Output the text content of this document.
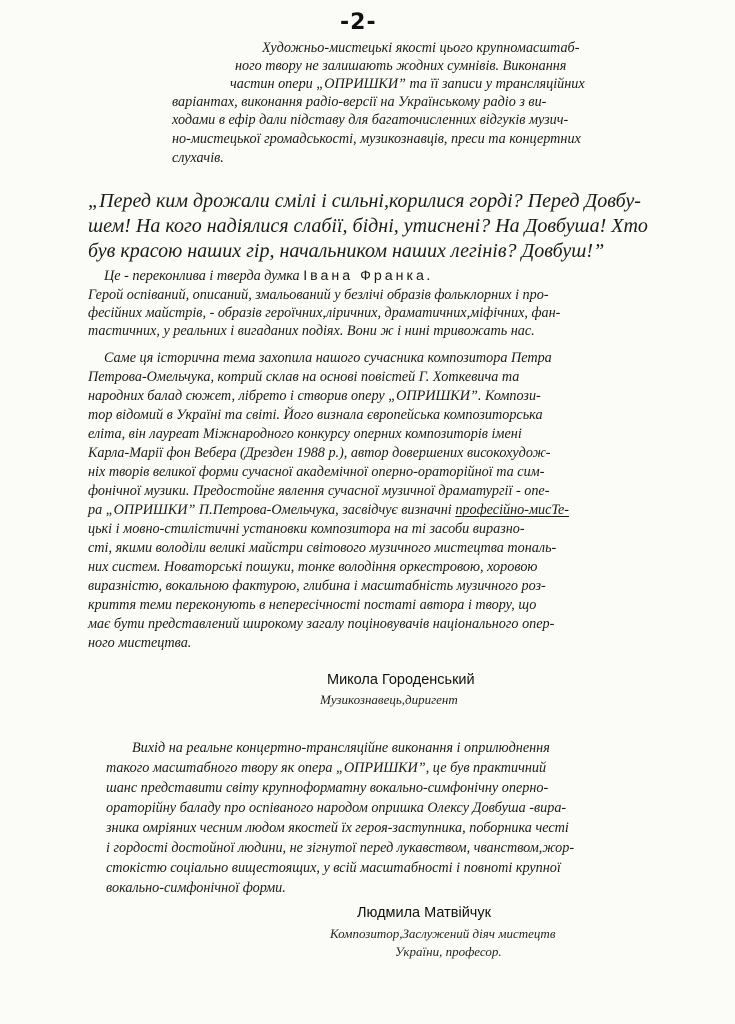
-2-
Художньо-мистецькі якості цього крупномасштаб-
ного твору не залишають жодних сумнівів. Виконання
частин опери „ОПРИШКИ” та її записи у трансляційних
варіантах, виконання радіо-версії на Українському радіо з ви-
ходами в ефір дали підставу для багаточисленних відгуків музич-
но-мистецької громадськості, музикознавців, преси та концертних
слухачів.
„Перед ким дрожали смілі і сильні,корилися горді? Перед Довбу-
шем! На кого надіялися слабії, бідні, утиснені? На Довбуша! Хто
був красою наших гір, начальником наших легінів? Довбуш!”
Це - переконлива і тверда думка Івана Франка.
Герой оспіваний, описаний, змальований у безлічі образів фольклорних і про-
фесійних майстрів, - образів героїчних,ліричних, драматичних,міфічних, фан-
тастичних, у реальних і вигаданих подіях. Вони ж і нині тривожать нас.
Саме ця історична тема захопила нашого сучасника композитора Петра
Петрова-Омельчука, котрий склав на основі повістей Г. Хоткевича та
народних балад сюжет, лібрето і створив оперу „ОПРИШКИ”. Компози-
тор відомий в Україні та світі. Його визнала європейська композиторська
еліта, він лауреат Міжнародного конкурсу оперних композиторів імені
Карла-Марії фон Вебера (Дрезден 1988 р.), автор довершених високохудож-
ніх творів великої форми сучасної академічної оперно-ораторійної та сим-
фонічної музики. Предостойне явлення сучасної музичної драматургії - опе-
ра „ОПРИШКИ” П.Петрова-Омельчука, засвідчує визначні професійно-мисTe-
цькі і мовно-стилістичні установки композитора на ті засоби виразно-
сті, якими володіли великі майстри світового музичного мистецтва тональ-
них систем. Новаторські пошуки, тонке володіння оркестровою, хоровою
виразністю, вокальною фактурою, глибина і масштабність музичного роз-
криття теми переконують в непересічності постаті автора і твору, що
має бути представлений широкому загалу поціновувачів національного опер-
ного мистецтва.
Микола Городенський
Музикознавець,диригент
Вихід на реальне концертно-трансляційне виконання і оприлюднення
такого масштабного твору як опера „ОПРИШКИ”, це був практичний
шанс представити світу крупноформатну вокально-симфонічну оперно-
ораторійну баладу про оспіваного народом опришка Олексу Довбуша -вира-
зника омріяних чесним людом якостей їх героя-заступника, поборника честі
і гордості достойної людини, не зігнутої перед лукавством, чванством,жор-
стокістю соціально вищестоящих, у всій масштабності і повноті крупної
вокально-симфонічної форми.
Людмила Матвійчук
Композитор,Заслужений діяч мистецтв
України, професор.
